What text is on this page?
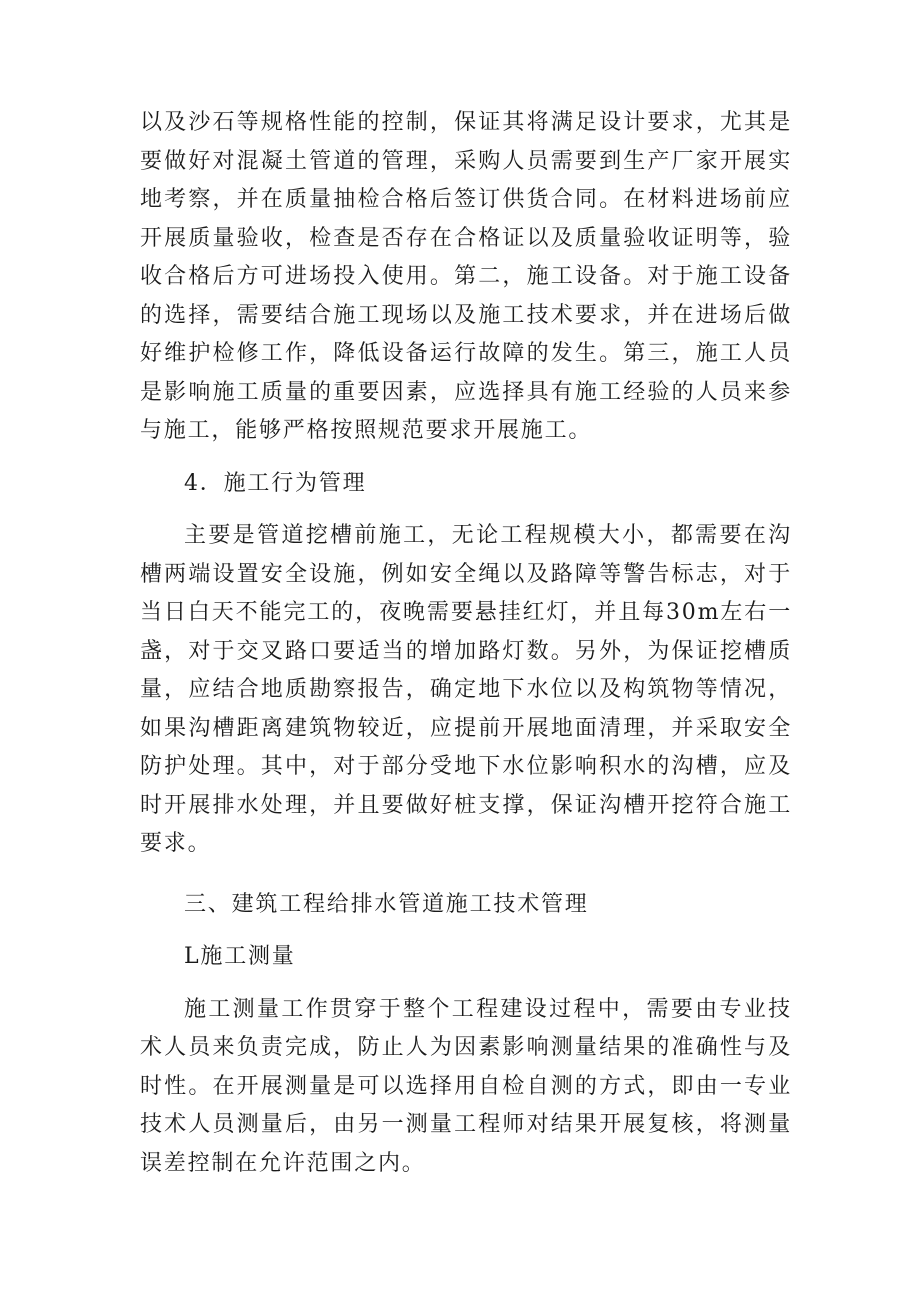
以及沙石等规格性能的控制，保证其将满足设计要求，尤其是要做好对混凝土管道的管理，采购人员需要到生产厂家开展实地考察，并在质量抽检合格后签订供货合同。在材料进场前应开展质量验收，检查是否存在合格证以及质量验收证明等，验收合格后方可进场投入使用。第二，施工设备。对于施工设备的选择，需要结合施工现场以及施工技术要求，并在进场后做好维护检修工作，降低设备运行故障的发生。第三，施工人员是影响施工质量的重要因素，应选择具有施工经验的人员来参与施工，能够严格按照规范要求开展施工。

4．施工行为管理

主要是管道挖槽前施工，无论工程规模大小，都需要在沟槽两端设置安全设施，例如安全绳以及路障等警告标志，对于当日白天不能完工的，夜晚需要悬挂红灯，并且每30m左右一盏，对于交叉路口要适当的增加路灯数。另外，为保证挖槽质量，应结合地质勘察报告，确定地下水位以及构筑物等情况，如果沟槽距离建筑物较近，应提前开展地面清理，并采取安全防护处理。其中，对于部分受地下水位影响积水的沟槽，应及时开展排水处理，并且要做好桩支撑，保证沟槽开挖符合施工要求。

三、建筑工程给排水管道施工技术管理

L施工测量

施工测量工作贯穿于整个工程建设过程中，需要由专业技术人员来负责完成，防止人为因素影响测量结果的准确性与及时性。在开展测量是可以选择用自检自测的方式，即由一专业技术人员测量后，由另一测量工程师对结果开展复核，将测量误差控制在允许范围之内。
